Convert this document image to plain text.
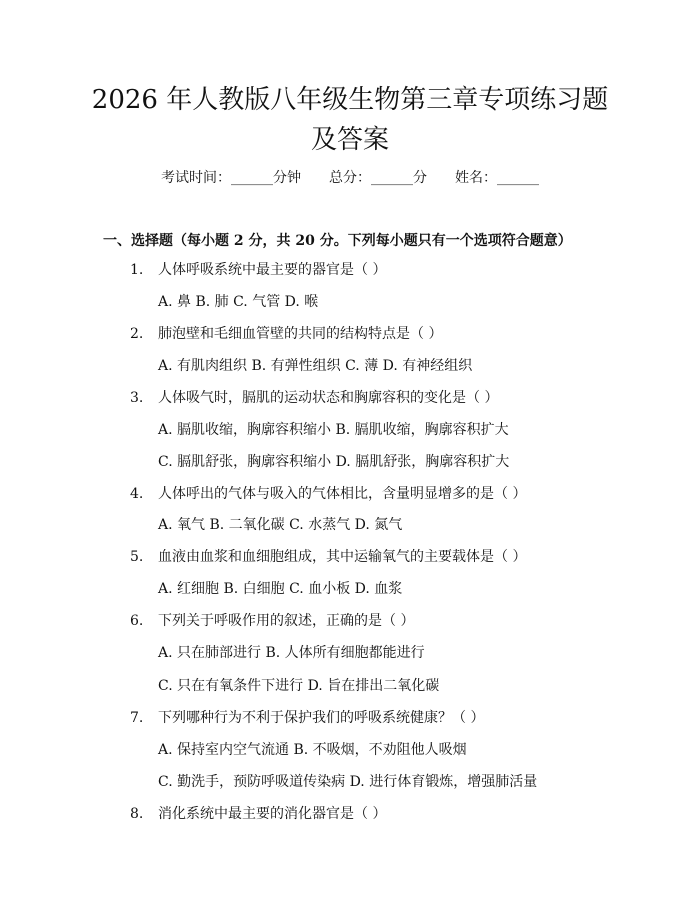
2026 年人教版八年级生物第三章专项练习题
及答案
考试时间：______分钟 总分：______分 姓名：______
一、选择题（每小题 2 分，共 20 分。下列每小题只有一个选项符合题意）
1. 人体呼吸系统中最主要的器官是（ ）
A. 鼻 B. 肺 C. 气管 D. 喉
2. 肺泡壁和毛细血管壁的共同的结构特点是（ ）
A. 有肌肉组织 B. 有弹性组织 C. 薄 D. 有神经组织
3. 人体吸气时，膈肌的运动状态和胸廓容积的变化是（ ）
A. 膈肌收缩，胸廓容积缩小 B. 膈肌收缩，胸廓容积扩大
C. 膈肌舒张，胸廓容积缩小 D. 膈肌舒张，胸廓容积扩大
4. 人体呼出的气体与吸入的气体相比，含量明显增多的是（ ）
A. 氧气 B. 二氧化碳 C. 水蒸气 D. 氮气
5. 血液由血浆和血细胞组成，其中运输氧气的主要载体是（ ）
A. 红细胞 B. 白细胞 C. 血小板 D. 血浆
6. 下列关于呼吸作用的叙述，正确的是（ ）
A. 只在肺部进行 B. 人体所有细胞都能进行
C. 只在有氧条件下进行 D. 旨在排出二氧化碳
7. 下列哪种行为不利于保护我们的呼吸系统健康？（ ）
A. 保持室内空气流通 B. 不吸烟，不劝阻他人吸烟
C. 勤洗手，预防呼吸道传染病 D. 进行体育锻炼，增强肺活量
8. 消化系统中最主要的消化器官是（ ）
